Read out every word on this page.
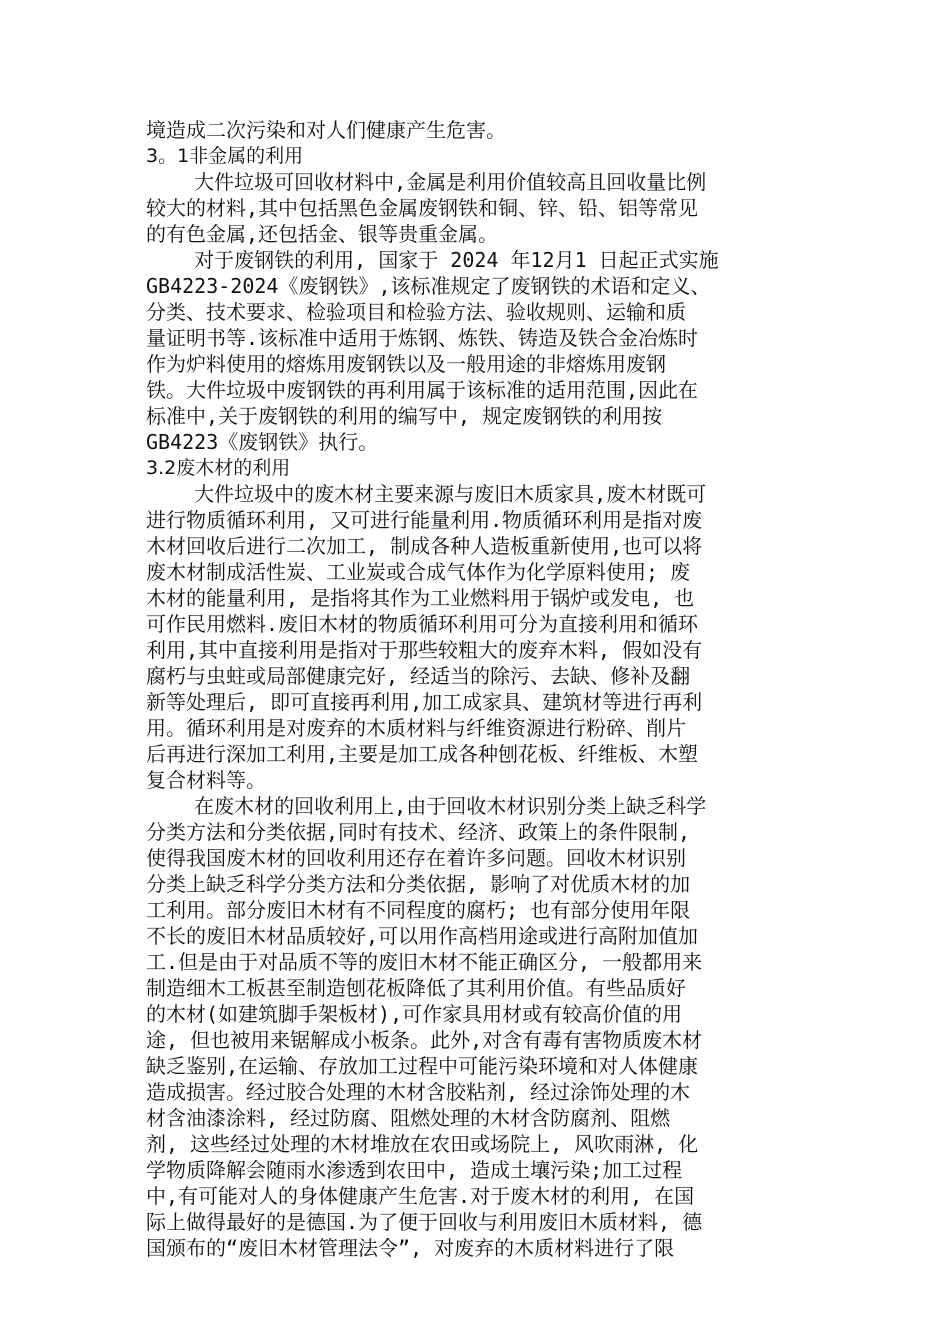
境造成二次污染和对人们健康产生危害。
3。1非金属的利用
大件垃圾可回收材料中,金属是利用价值较高且回收量比例
较大的材料,其中包括黑色金属废钢铁和铜、锌、铅、铝等常见
的有色金属,还包括金、银等贵重金属。
对于废钢铁的利用, 国家于 2024 年12月1 日起正式实施
GB4223-2024《废钢铁》,该标准规定了废钢铁的术语和定义、
分类、技术要求、检验项目和检验方法、验收规则、运输和质
量证明书等.该标准中适用于炼钢、炼铁、铸造及铁合金冶炼时
作为炉料使用的熔炼用废钢铁以及一般用途的非熔炼用废钢
铁。大件垃圾中废钢铁的再利用属于该标准的适用范围,因此在
标准中,关于废钢铁的利用的编写中, 规定废钢铁的利用按
GB4223《废钢铁》执行。
3.2废木材的利用
大件垃圾中的废木材主要来源与废旧木质家具,废木材既可
进行物质循环利用, 又可进行能量利用.物质循环利用是指对废
木材回收后进行二次加工, 制成各种人造板重新使用,也可以将
废木材制成活性炭、工业炭或合成气体作为化学原料使用; 废
木材的能量利用, 是指将其作为工业燃料用于锅炉或发电, 也
可作民用燃料.废旧木材的物质循环利用可分为直接利用和循环
利用,其中直接利用是指对于那些较粗大的废弃木料, 假如没有
腐朽与虫蛀或局部健康完好, 经适当的除污、去缺、修补及翻
新等处理后, 即可直接再利用,加工成家具、建筑材等进行再利
用。循环利用是对废弃的木质材料与纤维资源进行粉碎、削片
后再进行深加工利用,主要是加工成各种刨花板、纤维板、木塑
复合材料等。
在废木材的回收利用上,由于回收木材识别分类上缺乏科学
分类方法和分类依据,同时有技术、经济、政策上的条件限制,
使得我国废木材的回收利用还存在着许多问题。回收木材识别
分类上缺乏科学分类方法和分类依据, 影响了对优质木材的加
工利用。部分废旧木材有不同程度的腐朽; 也有部分使用年限
不长的废旧木材品质较好,可以用作高档用途或进行高附加值加
工.但是由于对品质不等的废旧木材不能正确区分, 一般都用来
制造细木工板甚至制造刨花板降低了其利用价值。有些品质好
的木材(如建筑脚手架板材),可作家具用材或有较高价值的用
途, 但也被用来锯解成小板条。此外,对含有毒有害物质废木材
缺乏鉴别,在运输、存放加工过程中可能污染环境和对人体健康
造成损害。经过胶合处理的木材含胶粘剂, 经过涂饰处理的木
材含油漆涂料, 经过防腐、阻燃处理的木材含防腐剂、阻燃
剂, 这些经过处理的木材堆放在农田或场院上, 风吹雨淋, 化
学物质降解会随雨水渗透到农田中, 造成土壤污染;加工过程
中,有可能对人的身体健康产生危害.对于废木材的利用, 在国
际上做得最好的是德国.为了便于回收与利用废旧木质材料, 德
国颁布的“废旧木材管理法令”, 对废弃的木质材料进行了限
